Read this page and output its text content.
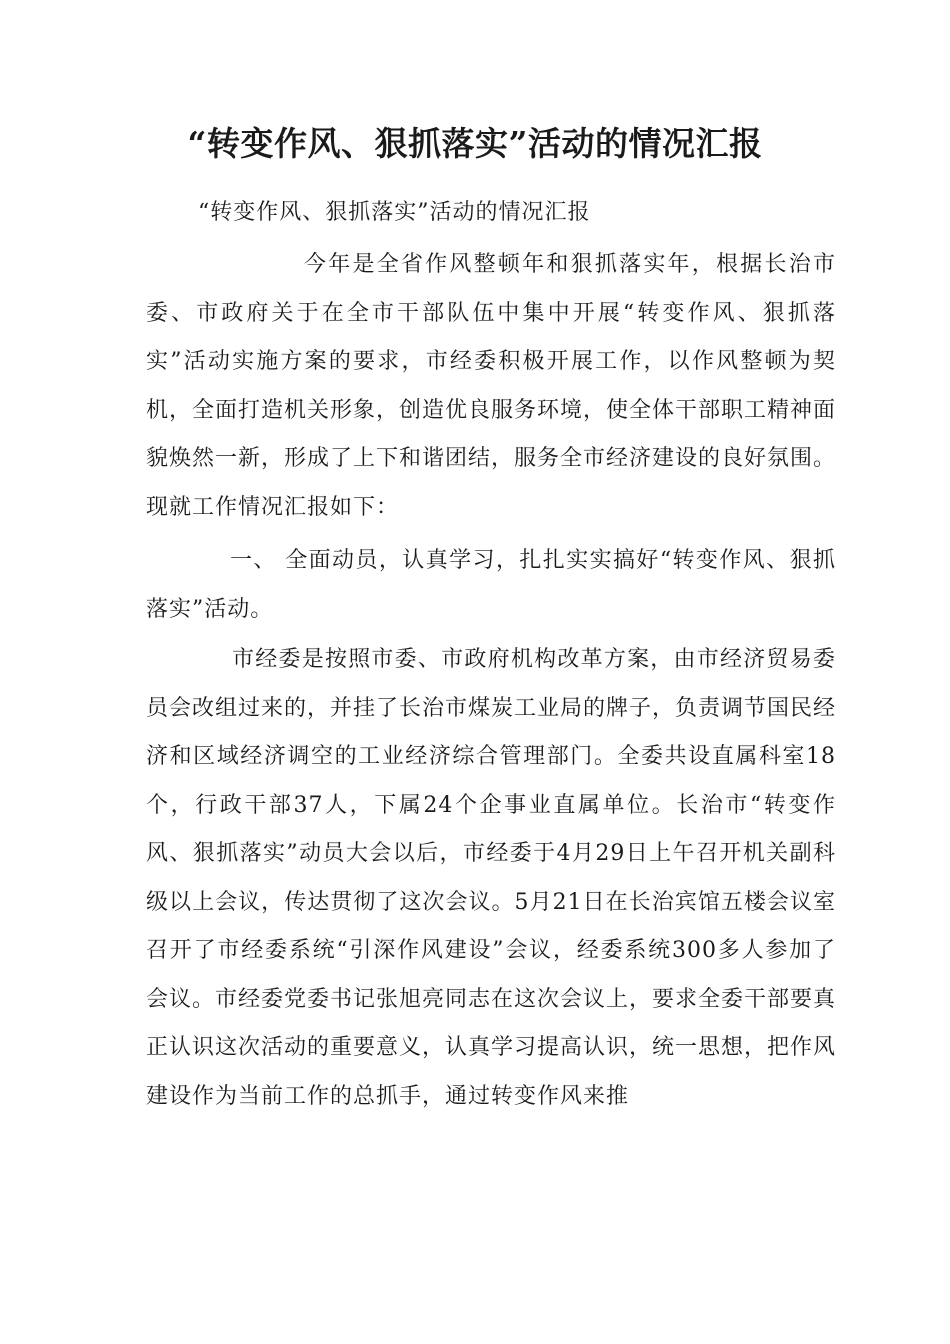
“转变作风、狠抓落实”活动的情况汇报

“转变作风、狠抓落实”活动的情况汇报

今年是全省作风整顿年和狠抓落实年，根据长治市委、市政府关于在全市干部队伍中集中开展“转变作风、狠抓落实”活动实施方案的要求，市经委积极开展工作，以作风整顿为契机，全面打造机关形象，创造优良服务环境，使全体干部职工精神面貌焕然一新，形成了上下和谐团结，服务全市经济建设的良好氛围。现就工作情况汇报如下：

一、 全面动员，认真学习，扎扎实实搞好“转变作风、狠抓落实”活动。

市经委是按照市委、市政府机构改革方案，由市经济贸易委员会改组过来的，并挂了长治市煤炭工业局的牌子，负责调节国民经济和区域经济调空的工业经济综合管理部门。全委共设直属科室18个，行政干部37人，下属24个企事业直属单位。长治市“转变作风、狠抓落实”动员大会以后，市经委于4月29日上午召开机关副科级以上会议，传达贯彻了这次会议。5月21日在长治宾馆五楼会议室召开了市经委系统“引深作风建设”会议，经委系统300多人参加了会议。市经委党委书记张旭亮同志在这次会议上，要求全委干部要真正认识这次活动的重要意义，认真学习提高认识，统一思想，把作风建设作为当前工作的总抓手，通过转变作风来推
